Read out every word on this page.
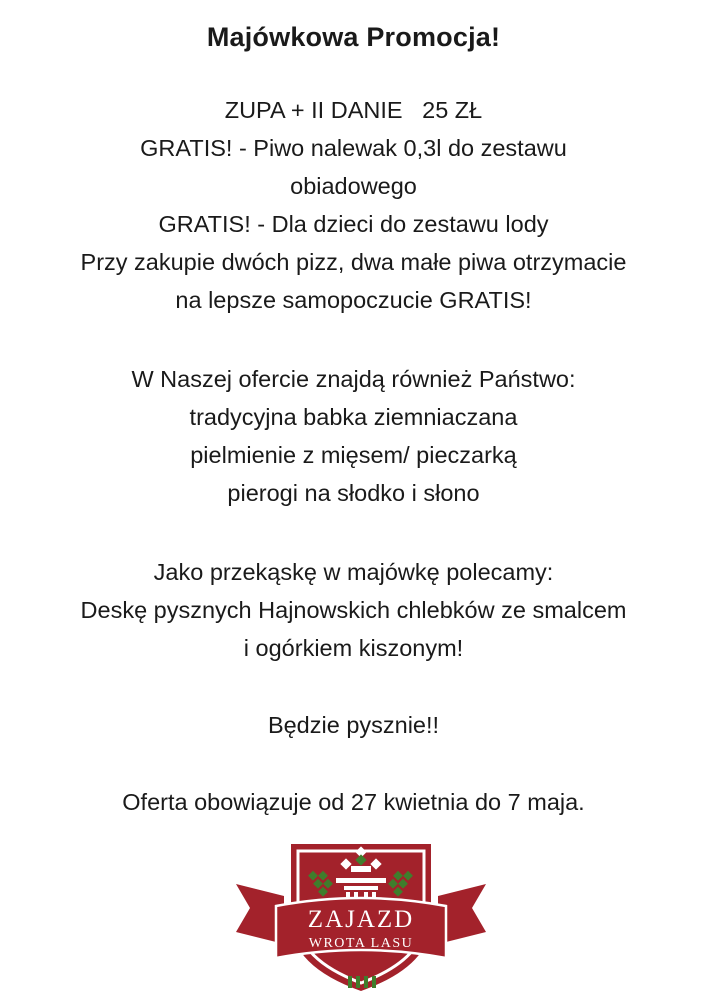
Majówkowa Promocja!
ZUPA + II DANIE   25 ZŁ
GRATIS! - Piwo nalewak 0,3l do zestawu
obiadowego
GRATIS! - Dla dzieci do zestawu lody
Przy zakupie dwóch pizz, dwa małe piwa otrzymacie
na lepsze samopoczucie GRATIS!
W Naszej ofercie znajdą również Państwo:
tradycyjna babka ziemniaczana
pielmienie z mięsem/ pieczarką
pierogi na słodko i słono
Jako przekąskę w majówkę polecamy:
Deskę pysznych Hajnowskich chlebków ze smalcem
i ogórkiem kiszonym!
Będzie pysznie!!
Oferta obowiązuje od 27 kwietnia do 7 maja.
ZAJAZD
WROTA LASU
